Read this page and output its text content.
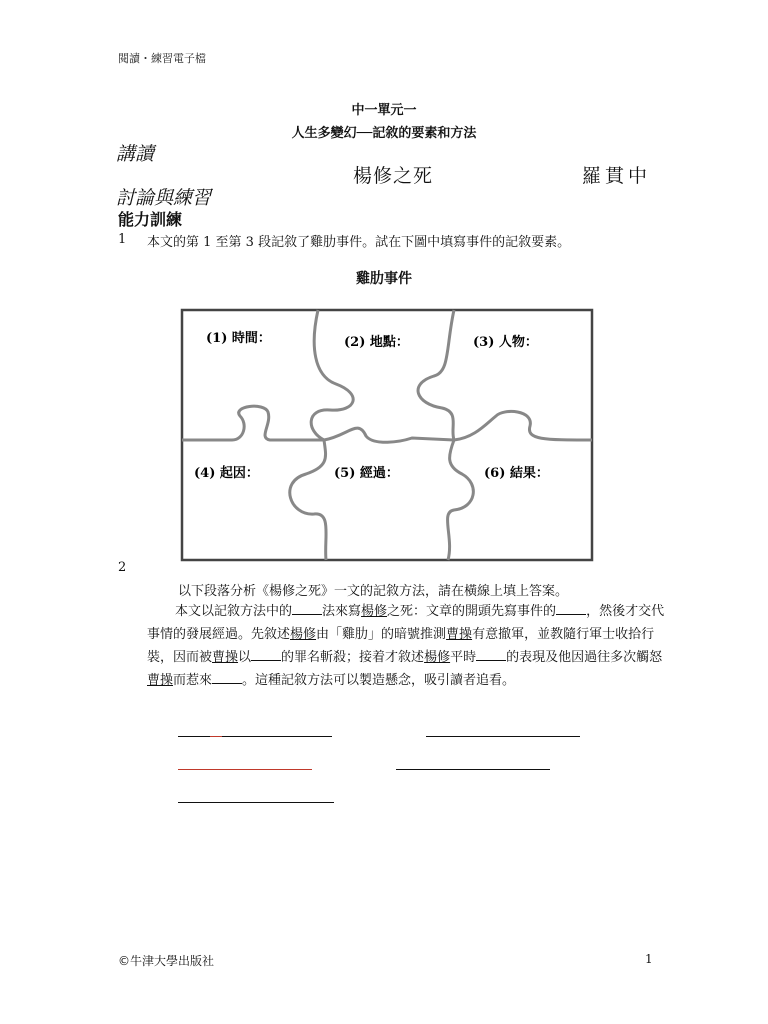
閱讀・練習電子檔
中一單元一
人生多變幻──記敘的要素和方法
講讀
楊修之死	羅貫中
討論與練習
能力訓練
1 本文的第 1 至第 3 段記敘了雞肋事件。試在下圖中填寫事件的記敘要素。
雞肋事件
(1) 時間：	(2) 地點：	(3) 人物：
(4) 起因：	(5) 經過：	(6) 結果：
2
以下段落分析《楊修之死》一文的記敘方法，請在橫線上填上答案。
本文以記敘方法中的 法來寫楊修之死：文章的開頭先寫事件的 ，然後才交代事情的發展經過。先敘述楊修由「雞肋」的暗號推測曹操有意撤軍，並教隨行軍士收拾行裝，因而被曹操以 的罪名斬殺；接着才敘述楊修平時 的表現及他因過往多次觸怒曹操而惹來 。這種記敘方法可以製造懸念，吸引讀者追看。
©牛津大學出版社	1
